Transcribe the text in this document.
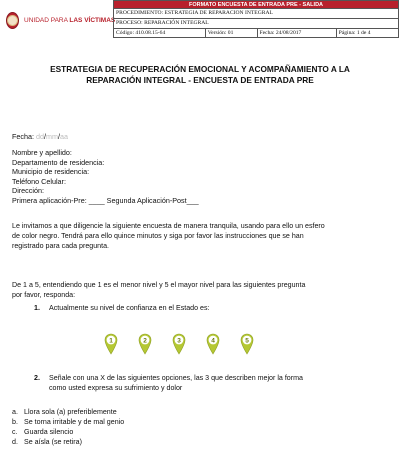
UNIDAD PARA LAS VÍCTIMAS
FORMATO ENCUESTA DE ENTRADA PRE - SALIDA
PROCEDIMIENTO: ESTRATEGIA DE REPARACION INTEGRAL
PROCESO: REPARACIÓN INTEGRAL
Código: 410.08.15-64	Versión: 01	Fecha: 24/08/2017	Página: 1 de 4
ESTRATEGIA DE RECUPERACIÓN EMOCIONAL Y ACOMPAÑAMIENTO A LA
REPARACIÓN INTEGRAL - ENCUESTA DE ENTRADA PRE
Fecha: dd/mm/aa
Nombre y apellido:
Departamento de residencia:
Municipio de residencia:
Teléfono Celular:
Dirección:
Primera aplicación-Pre: ____ Segunda Aplicación-Post___
Le invitamos a que diligencie la siguiente encuesta de manera tranquila, usando para ello un esfero
de color negro. Tendrá para ello quince minutos y siga por favor las instrucciones que se han
registrado para cada pregunta.
De 1 a 5, entendiendo que 1 es el menor nivel y 5 el mayor nivel para las siguientes pregunta
por favor, responda:
1. Actualmente su nivel de confianza en el Estado es:
1	2	3	4	5
2. Señale con una X de las siguientes opciones, las 3 que describen mejor la forma
como usted expresa su sufrimiento y dolor
a. Llora sola (a) preferiblemente
b. Se torna irritable y de mal genio
c. Guarda silencio
d. Se aísla (se retira)
